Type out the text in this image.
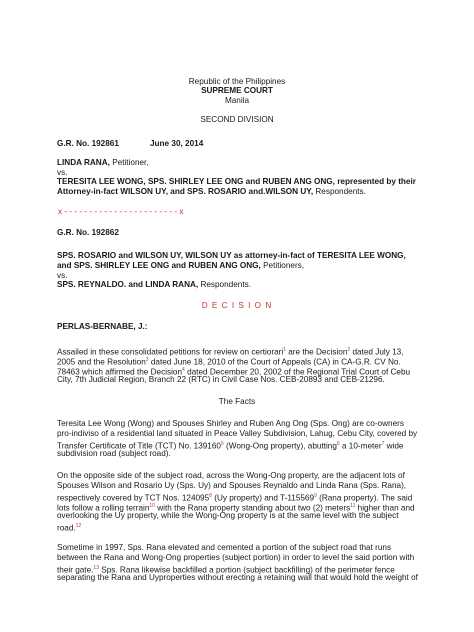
Republic of the Philippines
SUPREME COURT
Manila
SECOND DIVISION
G.R. No. 192861	June 30, 2014
LINDA RANA, Petitioner,
vs.
TERESITA LEE WONG, SPS. SHIRLEY LEE ONG and RUBEN ANG ONG, represented by their
Attorney-in-fact WILSON UY, and SPS. ROSARIO and.WILSON UY, Respondents.
x - - - - - - - - - - - - - - - - - - - - - - - x
G.R. No. 192862
SPS. ROSARIO and WILSON UY, WILSON UY as attorney-in-fact of TERESITA LEE WONG,
and SPS. SHIRLEY LEE ONG and RUBEN ANG ONG, Petitioners,
vs.
SPS. REYNALDO. and LINDA RANA, Respondents.
D E C I S I O N
PERLAS-BERNABE, J.:
Assailed in these consolidated petitions for review on certiorari$^1$ are the Decision$^2$ dated July 13,
2005 and the Resolution$^3$ dated June 18, 2010 of the Court of Appeals (CA) in CA-G.R. CV No.
78463 which affirmed the Decision$^4$ dated December 20, 2002 of the Regional Trial Court of Cebu
City, 7th Judicial Region, Branch 22 (RTC) in Civil Case Nos. CEB-20893 and CEB-21296.
The Facts
Teresita Lee Wong (Wong) and Spouses Shirley and Ruben Ang Ong (Sps. Ong) are co-owners
pro-indiviso of a residential land situated in Peace Valley Subdivision, Lahug, Cebu City, covered by
Transfer Certificate of Title (TCT) No. 139160$^5$ (Wong-Ong property), abutting$^6$ a 10-meter$^7$ wide
subdivision road (subject road).
On the opposite side of the subject road, across the Wong-Ong property, are the adjacent lots of
Spouses Wilson and Rosario Uy (Sps. Uy) and Spouses Reynaldo and Linda Rana (Sps. Rana),
respectively covered by TCT Nos. 124095$^8$ (Uy property) and T-115569$^9$ (Rana property). The said
lots follow a rolling terrain$^{10}$ with the Rana property standing about two (2) meters$^{11}$ higher than and
overlooking the Uy property, while the Wong-Ong property is at the same level with the subject
road.$^{12}$
Sometime in 1997, Sps. Rana elevated and cemented a portion of the subject road that runs
between the Rana and Wong-Ong properties (subject portion) in order to level the said portion with
their gate.$^{13}$ Sps. Rana likewise backfilled a portion (subject backfilling) of the perimeter fence
separating the Rana and Uyproperties without erecting a retaining wall that would hold the weight of
